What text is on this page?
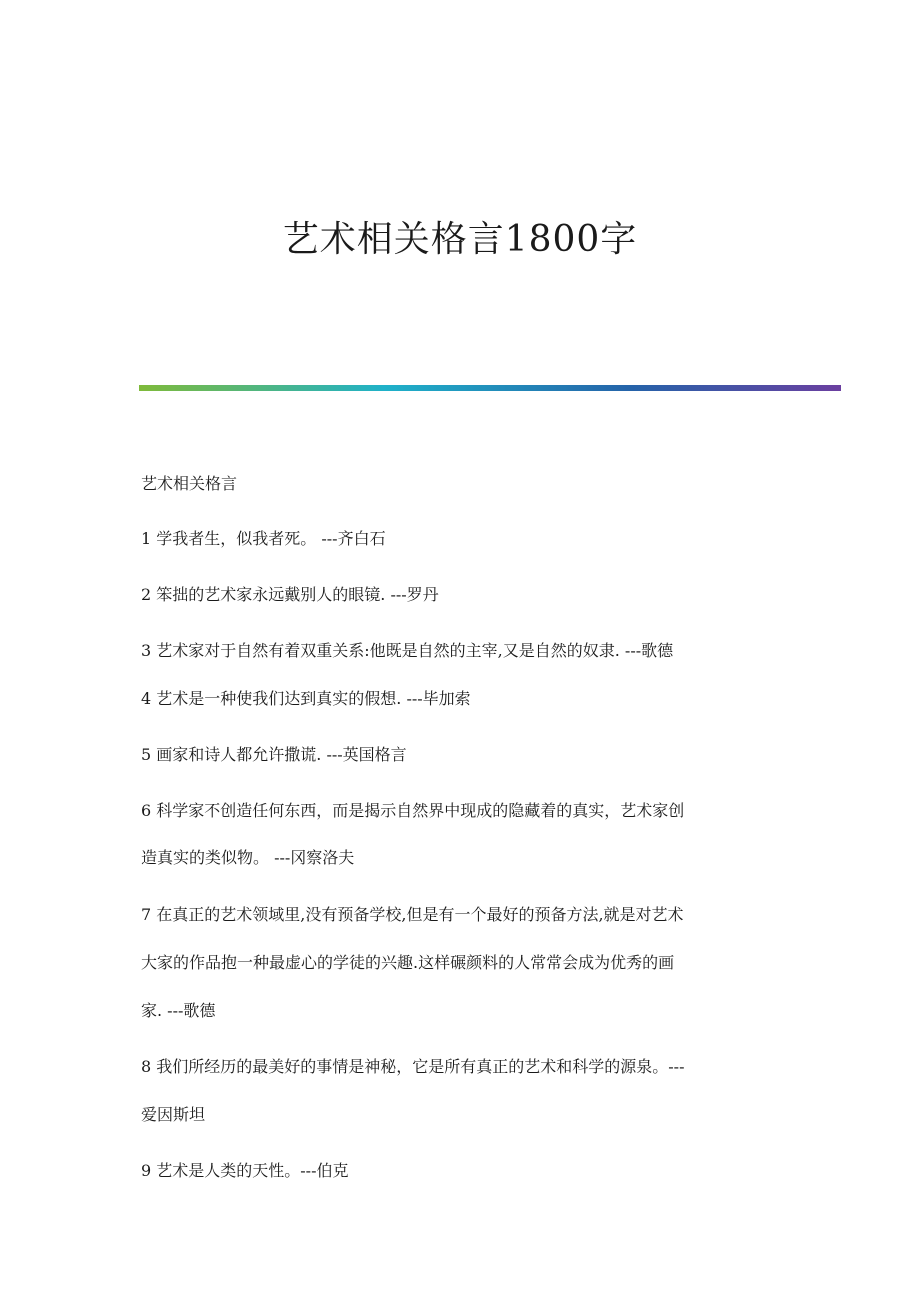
艺术相关格言1800字
艺术相关格言
1 学我者生，似我者死。 ---齐白石
2 笨拙的艺术家永远戴别人的眼镜. ---罗丹
3 艺术家对于自然有着双重关系:他既是自然的主宰,又是自然的奴隶. ---歌德
4 艺术是一种使我们达到真实的假想. ---毕加索
5 画家和诗人都允许撒谎. ---英国格言
6 科学家不创造任何东西，而是揭示自然界中现成的隐藏着的真实，艺术家创
造真实的类似物。 ---冈察洛夫
7 在真正的艺术领域里,没有预备学校,但是有一个最好的预备方法,就是对艺术
大家的作品抱一种最虚心的学徒的兴趣.这样碾颜料的人常常会成为优秀的画
家. ---歌德
8 我们所经历的最美好的事情是神秘，它是所有真正的艺术和科学的源泉。---
爱因斯坦
9 艺术是人类的天性。---伯克
